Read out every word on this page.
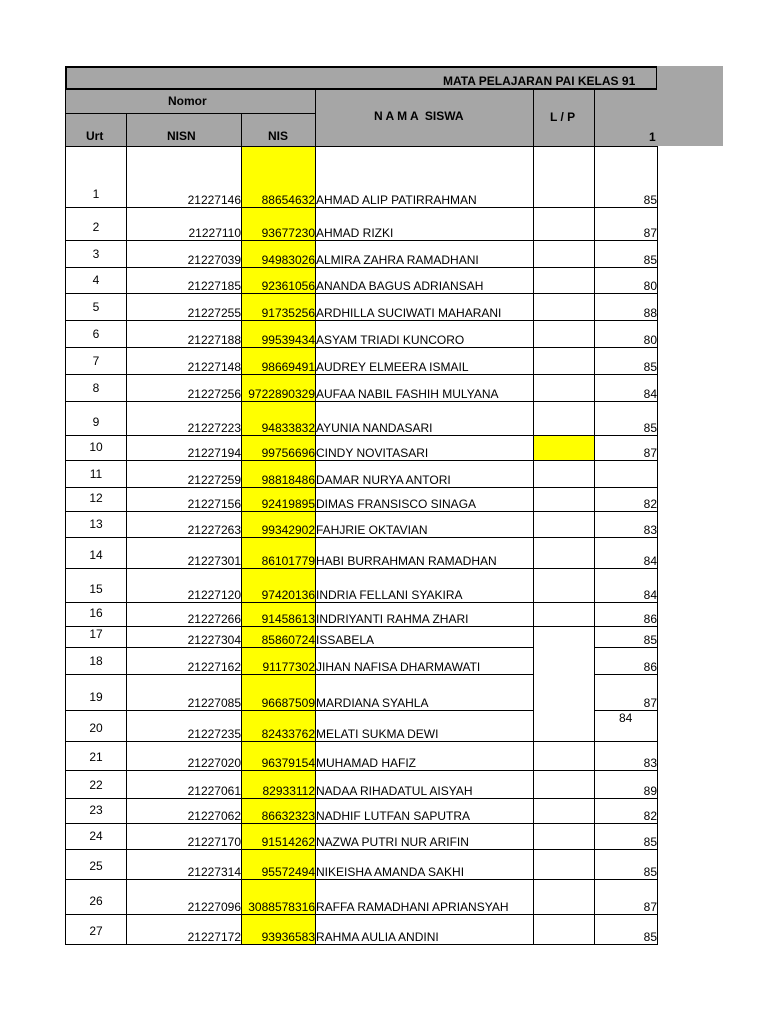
MATA PELAJARAN PAI KELAS 91
Nomor
Urt	NISN	NIS
N A M A  SISWA	L / P
1
1	21227146	88654632	AHMAD ALIP PATIRRAHMAN		85
2	21227110	93677230	AHMAD RIZKI		87
3	21227039	94983026	ALMIRA ZAHRA RAMADHANI		85
4	21227185	92361056	ANANDA BAGUS ADRIANSAH		80
5	21227255	91735256	ARDHILLA SUCIWATI MAHARANI		88
6	21227188	99539434	ASYAM TRIADI KUNCORO		80
7	21227148	98669491	AUDREY ELMEERA ISMAIL		85
8	21227256	9722890329	AUFAA NABIL FASHIH MULYANA		84
9	21227223	94833832	AYUNIA NANDASARI		85
10	21227194	99756696	CINDY NOVITASARI		87
11	21227259	98818486	DAMAR NURYA ANTORI		
12	21227156	92419895	DIMAS FRANSISCO SINAGA		82
13	21227263	99342902	FAHJRIE OKTAVIAN		83
14	21227301	86101779	HABI BURRAHMAN RAMADHAN		84
15	21227120	97420136	INDRIA FELLANI SYAKIRA		84
16	21227266	91458613	INDRIYANTI RAHMA ZHARI		86
17	21227304	85860724	ISSABELA		85
18	21227162	91177302	JIHAN NAFISA DHARMAWATI		86
19	21227085	96687509	MARDIANA SYAHLA		87
20	21227235	82433762	MELATI SUKMA DEWI		84
21	21227020	96379154	MUHAMAD HAFIZ		83
22	21227061	82933112	NADAA RIHADATUL AISYAH		89
23	21227062	86632323	NADHIF LUTFAN SAPUTRA		82
24	21227170	91514262	NAZWA PUTRI NUR ARIFIN		85
25	21227314	95572494	NIKEISHA AMANDA SAKHI		85
26	21227096	3088578316	RAFFA RAMADHANI APRIANSYAH		87
27	21227172	93936583	RAHMA AULIA ANDINI		85
